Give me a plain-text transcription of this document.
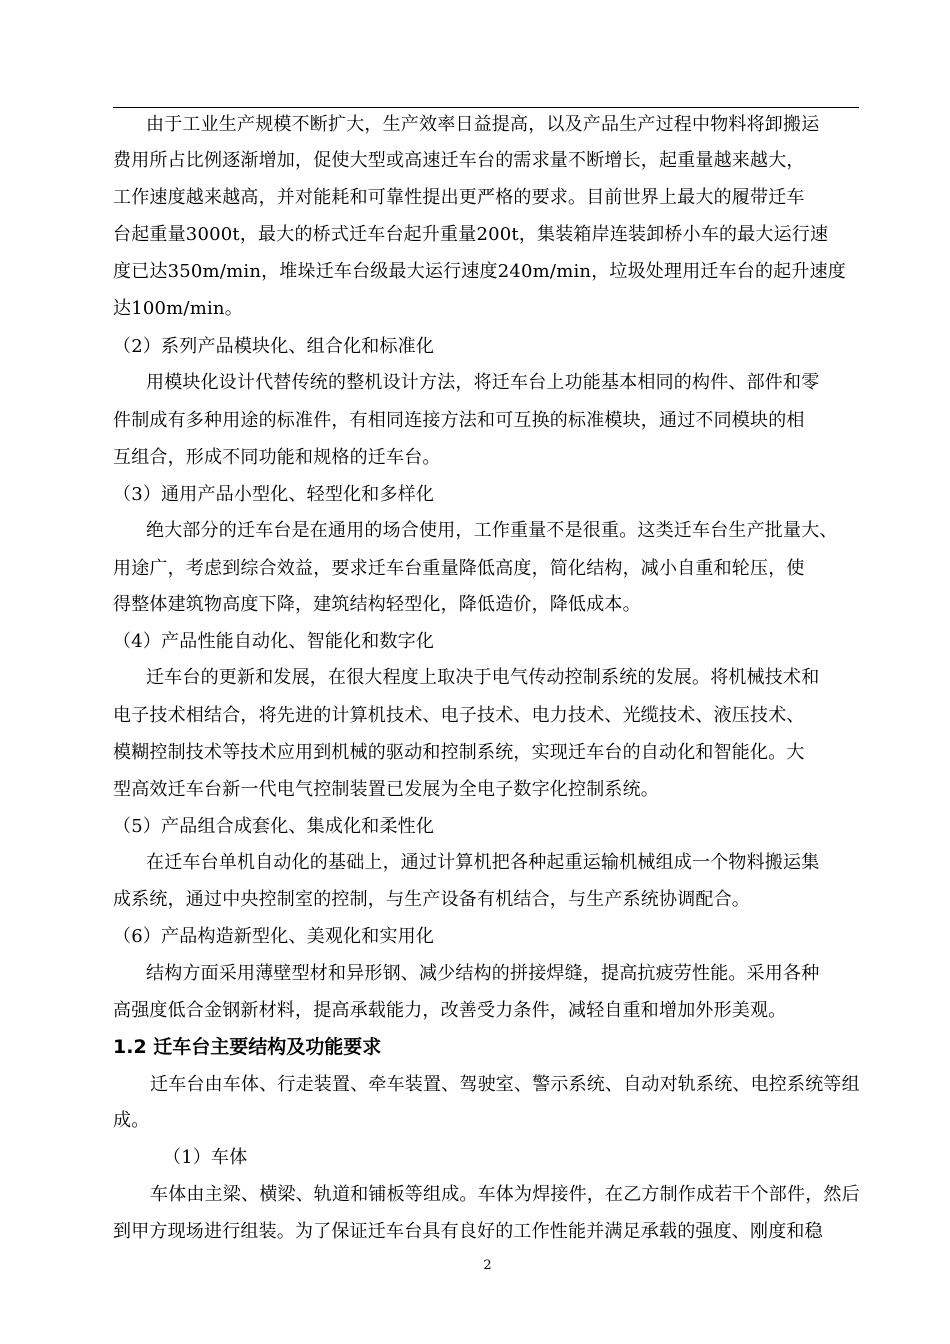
由于工业生产规模不断扩大，生产效率日益提高，以及产品生产过程中物料将卸搬运
费用所占比例逐渐增加，促使大型或高速迁车台的需求量不断增长，起重量越来越大，
工作速度越来越高，并对能耗和可靠性提出更严格的要求。目前世界上最大的履带迁车
台起重量3000t，最大的桥式迁车台起升重量200t，集装箱岸连装卸桥小车的最大运行速
度已达350m/min，堆垛迁车台级最大运行速度240m/min，垃圾处理用迁车台的起升速度
达100m/min。
（2）系列产品模块化、组合化和标准化
用模块化设计代替传统的整机设计方法，将迁车台上功能基本相同的构件、部件和零
件制成有多种用途的标准件，有相同连接方法和可互换的标准模块，通过不同模块的相
互组合，形成不同功能和规格的迁车台。
（3）通用产品小型化、轻型化和多样化
绝大部分的迁车台是在通用的场合使用，工作重量不是很重。这类迁车台生产批量大、
用途广，考虑到综合效益，要求迁车台重量降低高度，简化结构，减小自重和轮压，使
得整体建筑物高度下降，建筑结构轻型化，降低造价，降低成本。
（4）产品性能自动化、智能化和数字化
迁车台的更新和发展，在很大程度上取决于电气传动控制系统的发展。将机械技术和
电子技术相结合，将先进的计算机技术、电子技术、电力技术、光缆技术、液压技术、
模糊控制技术等技术应用到机械的驱动和控制系统，实现迁车台的自动化和智能化。大
型高效迁车台新一代电气控制装置已发展为全电子数字化控制系统。
（5）产品组合成套化、集成化和柔性化
在迁车台单机自动化的基础上，通过计算机把各种起重运输机械组成一个物料搬运集
成系统，通过中央控制室的控制，与生产设备有机结合，与生产系统协调配合。
（6）产品构造新型化、美观化和实用化
结构方面采用薄壁型材和异形钢、减少结构的拼接焊缝，提高抗疲劳性能。采用各种
高强度低合金钢新材料，提高承载能力，改善受力条件，减轻自重和增加外形美观。
1.2 迁车台主要结构及功能要求
迁车台由车体、行走装置、牵车装置、驾驶室、警示系统、自动对轨系统、电控系统等组
成。
（1）车体
车体由主梁、横梁、轨道和铺板等组成。车体为焊接件，在乙方制作成若干个部件，然后
到甲方现场进行组装。为了保证迁车台具有良好的工作性能并满足承载的强度、刚度和稳
2
